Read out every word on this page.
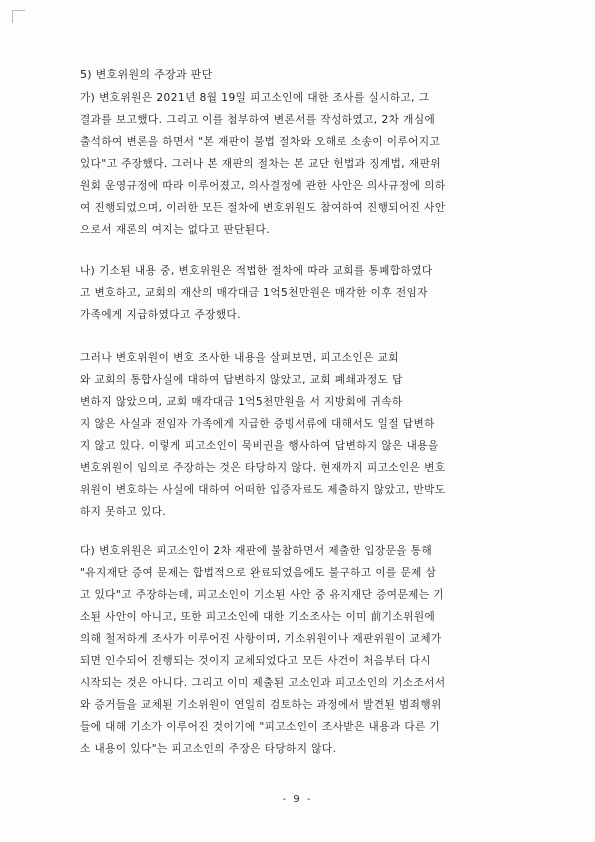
5) 변호위원의 주장과 판단
가) 변호위원은 2021년 8월 19일 피고소인에 대한 조사를 실시하고, 그
결과를 보고했다. 그리고 이를 첨부하여 변론서를 작성하였고, 2차 개심에
출석하여 변론을 하면서 "본 재판이 불법 절차와 오해로 소송이 이루어지고
있다"고 주장했다. 그러나 본 재판의 절차는 본 교단 헌법과 징계법, 재판위
원회 운영규정에 따라 이루어졌고, 의사결정에 관한 사안은 의사규정에 의하
여 진행되었으며, 이러한 모든 절차에 변호위원도 참여하여 진행되어진 사안
으로서 재론의 여지는 없다고 판단된다.
나) 기소된 내용 중, 변호위원은 적법한 절차에 따라 교회를 통폐합하였다
고 변호하고, 교회의 재산의 매각대금 1억5천만원은 매각한 이후 전임자
가족에게 지급하였다고 주장했다.
그러나 변호위원이 변호 조사한 내용을 살펴보면, 피고소인은 교회
와 교회의 통합사실에 대하여 답변하지 않았고, 교회 폐쇄과정도 답
변하지 않았으며, 교회 매각대금 1억5천만원을 서 지방회에 귀속하
지 않은 사실과 전임자 가족에게 지급한 증빙서류에 대해서도 일절 답변하
지 않고 있다. 이렇게 피고소인이 묵비권을 행사하여 답변하지 않은 내용을
변호위원이 임의로 주장하는 것은 타당하지 않다. 현재까지 피고소인은 변호
위원이 변호하는 사실에 대하여 어떠한 입증자료도 제출하지 않았고, 반박도
하지 못하고 있다.
다) 변호위원은 피고소인이 2차 재판에 불참하면서 제출한 입장문을 통해
"유지재단 증여 문제는 합법적으로 완료되었음에도 불구하고 이를 문제 삼
고 있다"고 주장하는데, 피고소인이 기소된 사안 중 유지재단 증여문제는 기
소된 사안이 아니고, 또한 피고소인에 대한 기소조사는 이미 前기소위원에
의해 철저하게 조사가 이루어진 사항이며, 기소위원이나 재판위원이 교체가
되면 인수되어 진행되는 것이지 교체되었다고 모든 사건이 처음부터 다시
시작되는 것은 아니다. 그리고 이미 제출된 고소인과 피고소인의 기소조서서
와 증거들을 교체된 기소위원이 연일히 검토하는 과정에서 발견된 범죄행위
들에 대해 기소가 이루어진 것이기에 "피고소인이 조사받은 내용과 다른 기
소 내용이 있다"는 피고소인의 주장은 타당하지 않다.
- 9 -
